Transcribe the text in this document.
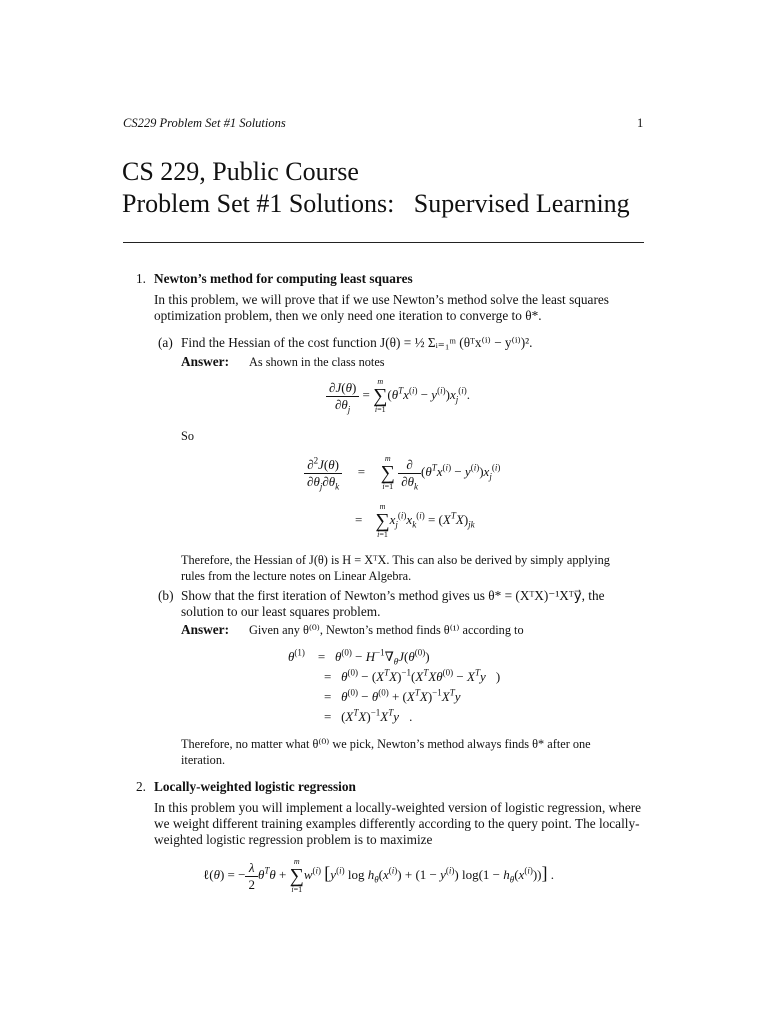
CS229 Problem Set #1 Solutions	1
CS 229, Public Course
Problem Set #1 Solutions:   Supervised Learning
1. Newton’s method for computing least squares
In this problem, we will prove that if we use Newton’s method solve the least squares
optimization problem, then we only need one iteration to converge to θ*.
(a) Find the Hessian of the cost function J(θ) = ½ Σᵢ₌₁ᵐ (θᵀx⁽ⁱ⁾ − y⁽ⁱ⁾)².
Answer: As shown in the class notes
$\frac{\partial J(\theta)}{\partial\theta_j}$ =
m
∑
i=1
$(\theta^Tx^{(i)} - y^{(i)})x_j^{(i)}$.
So
$\frac{\partial^2J(\theta)}{\partial\theta_j\partial\theta_k}$ =
m
∑
i=1
$\frac{\partial}{\partial\theta_k} (\theta^Tx^{(i)} - y^{(i)})x_j^{(i)}$
=
m
∑
i=1
$x_j^{(i)}x_k^{(i)} = (X^TX)_{jk}$
Therefore, the Hessian of J(θ) is H = XᵀX. This can also be derived by simply applying
rules from the lecture notes on Linear Algebra.
(b) Show that the first iteration of Newton’s method gives us θ* = (XᵀX)⁻¹Xᵀy⃗, the
solution to our least squares problem.
Answer: Given any θ⁽⁰⁾, Newton’s method finds θ⁽¹⁾ according to
$\theta^{(1)}$    =   $\theta^{(0)} - H^{-1}\nabla_\theta J(\theta^{(0)})$
=   $\theta^{(0)} - (X^TX)^{-1}(X^TX\theta^{(0)}$ − $X^Ty⃗$)
=   $\theta^{(0)} - \theta^{(0)}$ + $(X^TX)^{-1}X^Ty⃗$
=   $(X^TX)^{-1}X^Ty⃗$.
Therefore, no matter what θ⁽⁰⁾ we pick, Newton’s method always finds θ* after one
iteration.
2. Locally-weighted logistic regression
In this problem you will implement a locally-weighted version of logistic regression, where
we weight different training examples differently according to the query point. The locally-
weighted logistic regression problem is to maximize
ℓ(θ) = − $\frac{\lambda}{2} \theta^T\theta$ +
m
∑
i=1
$w^{(i)}$ [$y^{(i)}$ $\log h_\theta(x^{(i)}) + (1 - y^{(i)}) \log(1 - h_\theta(x^{(i)}))$] .
